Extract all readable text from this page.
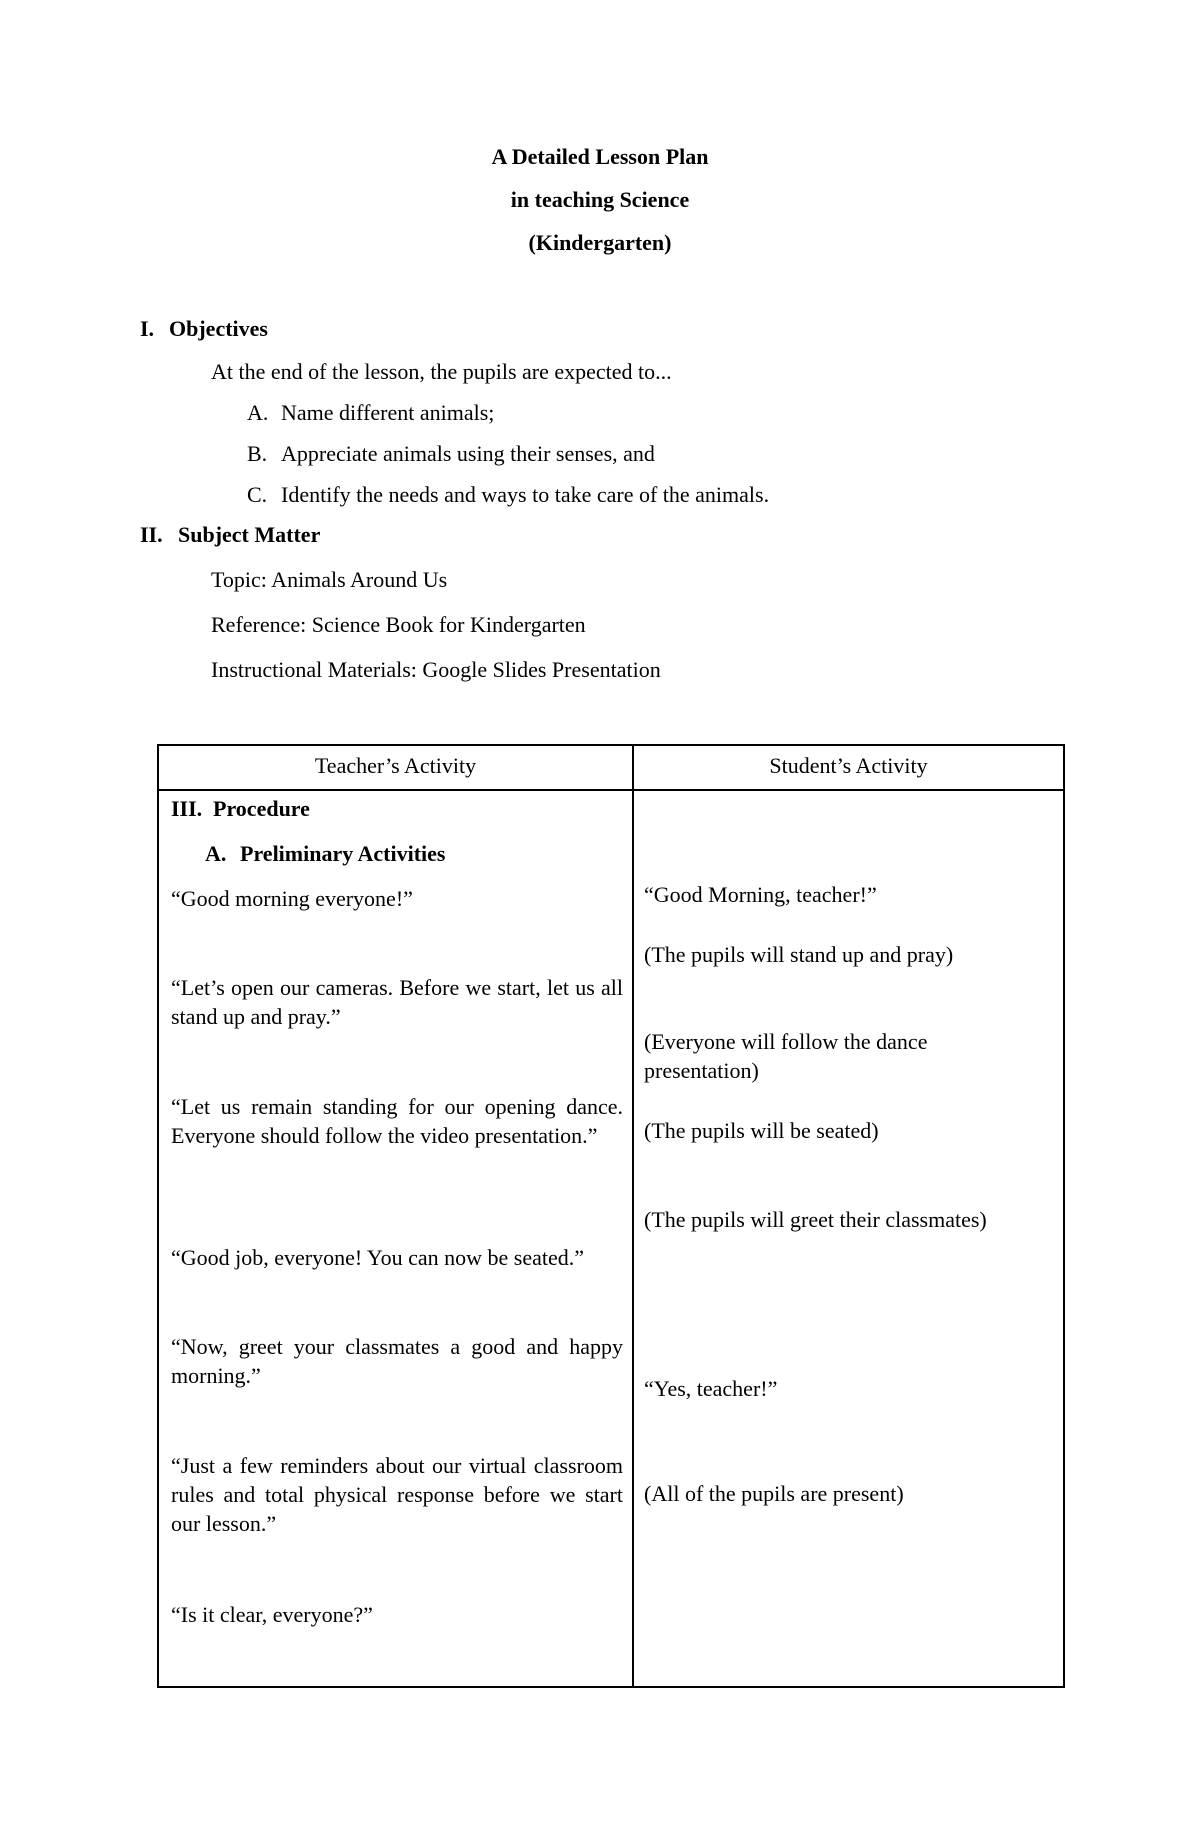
A Detailed Lesson Plan
in teaching Science
(Kindergarten)
I. Objectives
At the end of the lesson, the pupils are expected to...
A. Name different animals;
B. Appreciate animals using their senses, and
C. Identify the needs and ways to take care of the animals.
II. Subject Matter
Topic: Animals Around Us
Reference: Science Book for Kindergarten
Instructional Materials: Google Slides Presentation
Teacher’s Activity	Student’s Activity
III. Procedure
A. Preliminary Activities
“Good morning everyone!”
“Let’s open our cameras. Before we start, let us all stand up and pray.”
“Let us remain standing for our opening dance. Everyone should follow the video presentation.”
“Good job, everyone! You can now be seated.”
“Now, greet your classmates a good and happy morning.”
“Just a few reminders about our virtual classroom rules and total physical response before we start our lesson.”
“Is it clear, everyone?”
“Good Morning, teacher!”
(The pupils will stand up and pray)
(Everyone will follow the dance presentation)
(The pupils will be seated)
(The pupils will greet their classmates)
“Yes, teacher!”
(All of the pupils are present)
